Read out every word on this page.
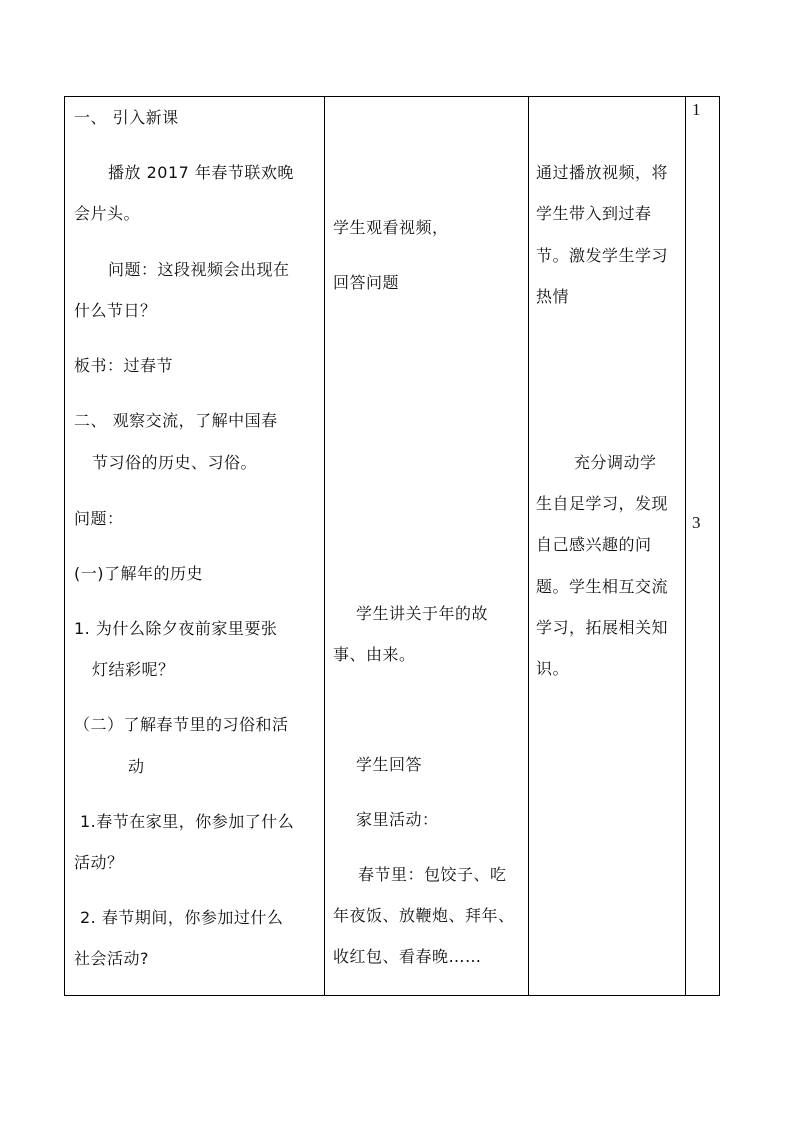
一、 引入新课
播放 2017 年春节联欢晚
会片头。
问题：这段视频会出现在
什么节日？
板书：过春节
二、 观察交流，了解中国春
节习俗的历史、习俗。
问题：
(一)了解年的历史
1. 为什么除夕夜前家里要张
灯结彩呢？
（二）了解春节里的习俗和活
动
1.春节在家里，你参加了什么
活动？
2. 春节期间，你参加过什么
社会活动?
学生观看视频，
回答问题
学生讲关于年的故
事、由来。
学生回答
家里活动：
春节里：包饺子、吃
年夜饭、放鞭炮、拜年、
收红包、看春晚……
通过播放视频，将
学生带入到过春
节。激发学生学习
热情
充分调动学
生自足学习，发现
自己感兴趣的问
题。学生相互交流
学习，拓展相关知
识。
1
3
